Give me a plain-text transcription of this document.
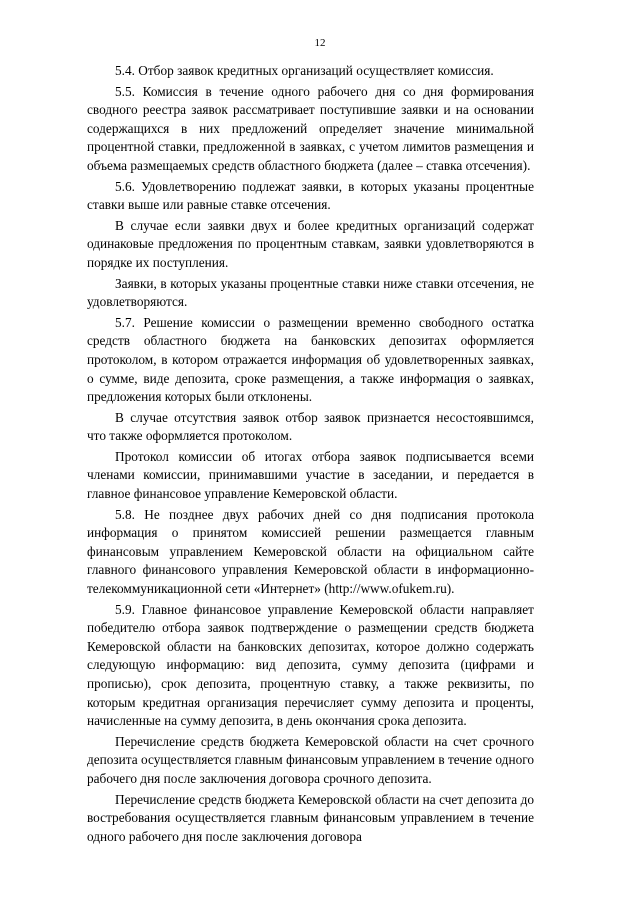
12

5.4. Отбор заявок кредитных организаций осуществляет комиссия.

5.5. Комиссия в течение одного рабочего дня со дня формирования сводного реестра заявок рассматривает поступившие заявки и на основании содержащихся в них предложений определяет значение минимальной процентной ставки, предложенной в заявках, с учетом лимитов размещения и объема размещаемых средств областного бюджета (далее – ставка отсечения).

5.6. Удовлетворению подлежат заявки, в которых указаны процентные ставки выше или равные ставке отсечения.

В случае если заявки двух и более кредитных организаций содержат одинаковые предложения по процентным ставкам, заявки удовлетворяются в порядке их поступления.

Заявки, в которых указаны процентные ставки ниже ставки отсечения, не удовлетворяются.

5.7. Решение комиссии о размещении временно свободного остатка средств областного бюджета на банковских депозитах оформляется протоколом, в котором отражается информация об удовлетворенных заявках, о сумме, виде депозита, сроке размещения, а также информация о заявках, предложения которых были отклонены.

В случае отсутствия заявок отбор заявок признается несостоявшимся, что также оформляется протоколом.

Протокол комиссии об итогах отбора заявок подписывается всеми членами комиссии, принимавшими участие в заседании, и передается в главное финансовое управление Кемеровской области.

5.8. Не позднее двух рабочих дней со дня подписания протокола информация о принятом комиссией решении размещается главным финансовым управлением Кемеровской области на официальном сайте главного финансового управления Кемеровской области в информационно-телекоммуникационной сети «Интернет» (http://www.ofukem.ru).

5.9. Главное финансовое управление Кемеровской области направляет победителю отбора заявок подтверждение о размещении средств бюджета Кемеровской области на банковских депозитах, которое должно содержать следующую информацию: вид депозита, сумму депозита (цифрами и прописью), срок депозита, процентную ставку, а также реквизиты, по которым кредитная организация перечисляет сумму депозита и проценты, начисленные на сумму депозита, в день окончания срока депозита.

Перечисление средств бюджета Кемеровской области на счет срочного депозита осуществляется главным финансовым управлением в течение одного рабочего дня после заключения договора срочного депозита.

Перечисление средств бюджета Кемеровской области на счет депозита до востребования осуществляется главным финансовым управлением в течение одного рабочего дня после заключения договора
